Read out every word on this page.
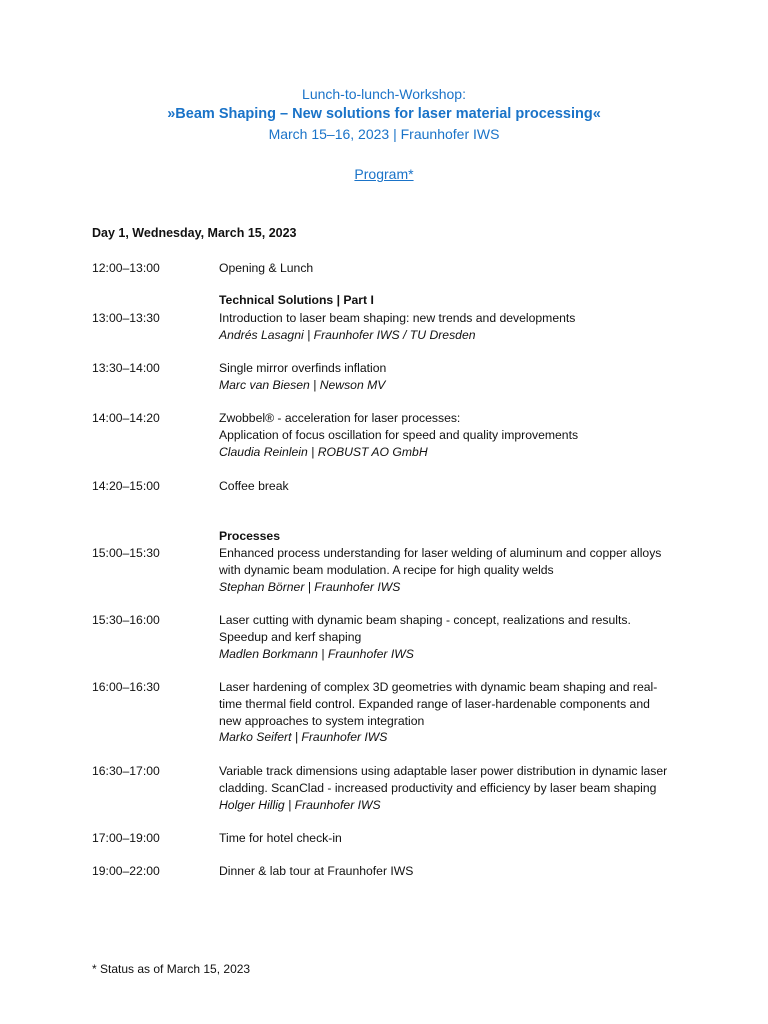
Lunch-to-lunch-Workshop:
»Beam Shaping – New solutions for laser material processing«
March 15–16, 2023 | Fraunhofer IWS
Program*
Day 1, Wednesday, March 15, 2023
Technical Solutions | Part I
Processes
12:00–13:00	Opening & Lunch
13:00–13:30	Introduction to laser beam shaping: new trends and developments
Andrés Lasagni | Fraunhofer IWS / TU Dresden
13:30–14:00	Single mirror overfinds inflation
Marc van Biesen | Newson MV
14:00–14:20	Zwobbel® - acceleration for laser processes:
Application of focus oscillation for speed and quality improvements
Claudia Reinlein | ROBUST AO GmbH
14:20–15:00	Coffee break
15:00–15:30	Enhanced process understanding for laser welding of aluminum and copper alloys
with dynamic beam modulation. A recipe for high quality welds
Stephan Börner | Fraunhofer IWS
15:30–16:00	Laser cutting with dynamic beam shaping - concept, realizations and results.
Speedup and kerf shaping
Madlen Borkmann | Fraunhofer IWS
16:00–16:30	Laser hardening of complex 3D geometries with dynamic beam shaping and real-
time thermal field control. Expanded range of laser-hardenable components and
new approaches to system integration
Marko Seifert | Fraunhofer IWS
16:30–17:00	Variable track dimensions using adaptable laser power distribution in dynamic laser
cladding. ScanClad - increased productivity and efficiency by laser beam shaping
Holger Hillig | Fraunhofer IWS
17:00–19:00	Time for hotel check-in
19:00–22:00	Dinner & lab tour at Fraunhofer IWS
* Status as of March 15, 2023
